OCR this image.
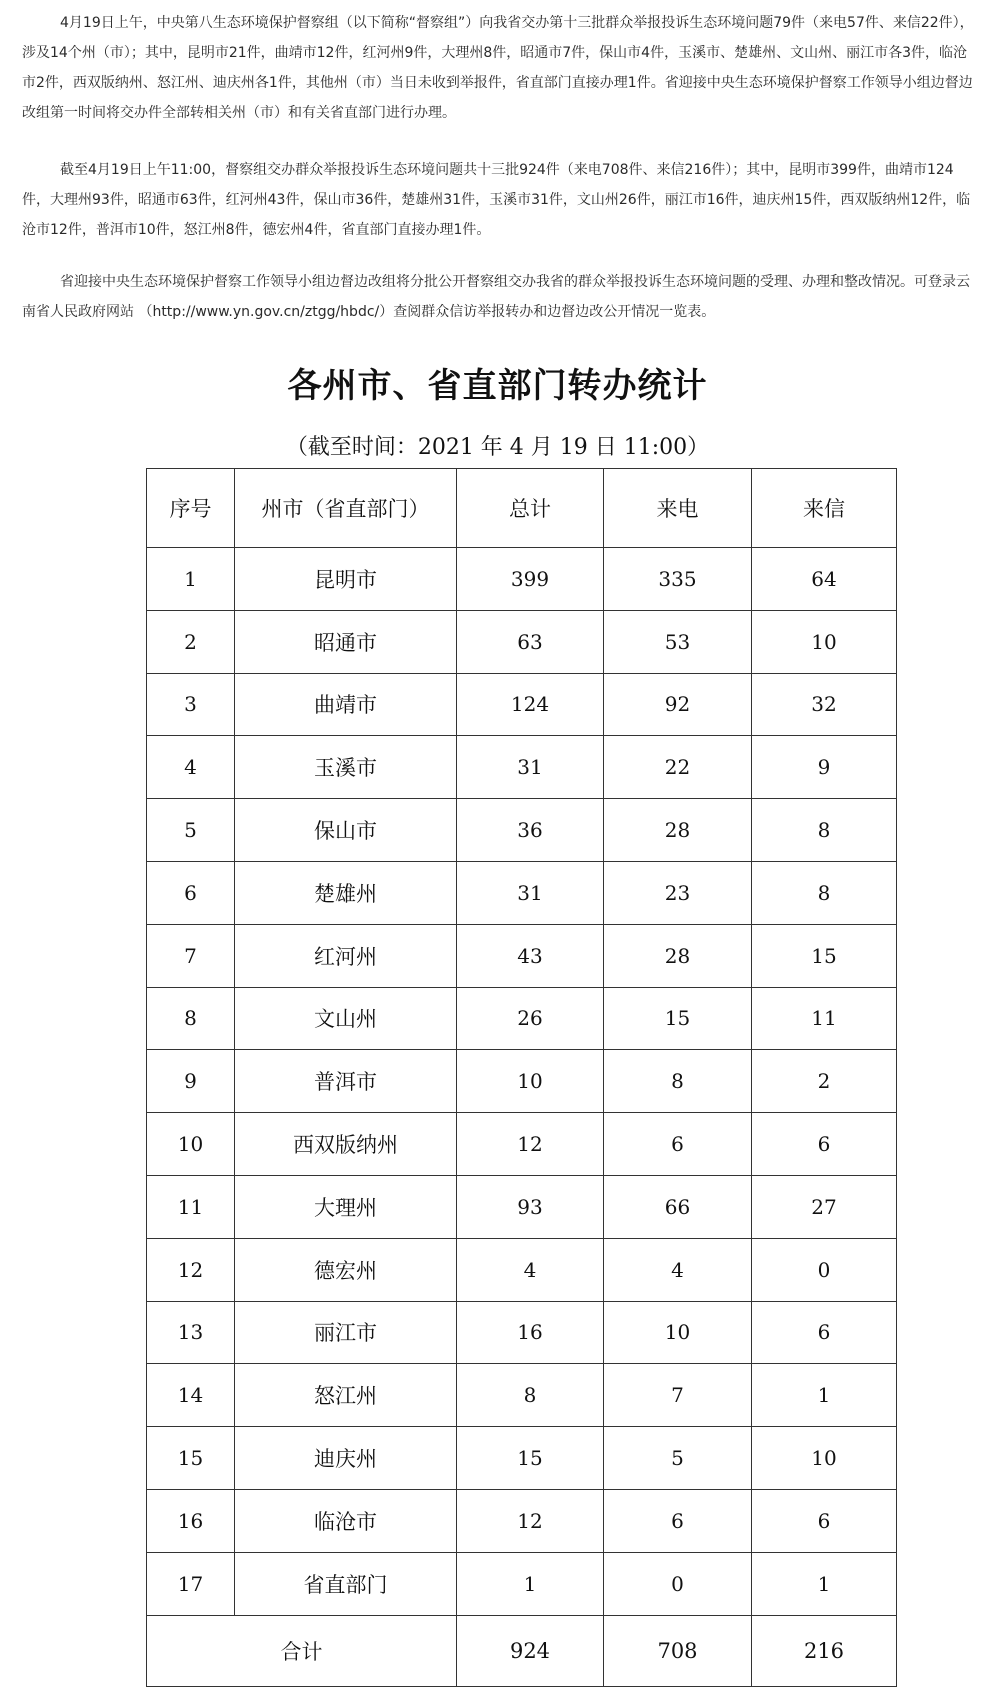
4月19日上午，中央第八生态环境保护督察组（以下简称“督察组”）向我省交办第十三批群众举报投诉生态环境问题79件（来电57件、来信22件），涉及14个州（市）；其中，昆明市21件，曲靖市12件，红河州9件，大理州8件，昭通市7件，保山市4件，玉溪市、楚雄州、文山州、丽江市各3件，临沧市2件，西双版纳州、怒江州、迪庆州各1件，其他州（市）当日未收到举报件，省直部门直接办理1件。省迎接中央生态环境保护督察工作领导小组边督边改组第一时间将交办件全部转相关州（市）和有关省直部门进行办理。

截至4月19日上午11:00，督察组交办群众举报投诉生态环境问题共十三批924件（来电708件、来信216件）；其中，昆明市399件，曲靖市124件，大理州93件，昭通市63件，红河州43件，保山市36件，楚雄州31件，玉溪市31件，文山州26件，丽江市16件，迪庆州15件，西双版纳州12件，临沧市12件，普洱市10件，怒江州8件，德宏州4件，省直部门直接办理1件。

省迎接中央生态环境保护督察工作领导小组边督边改组将分批公开督察组交办我省的群众举报投诉生态环境问题的受理、办理和整改情况。可登录云南省人民政府网站 （http://www.yn.gov.cn/ztgg/hbdc/）查阅群众信访举报转办和边督边改公开情况一览表。

各州市、省直部门转办统计
（截至时间：2021 年 4 月 19 日 11:00）
序号	州市（省直部门）	总计	来电	来信
1	昆明市	399	335	64
2	昭通市	63	53	10
3	曲靖市	124	92	32
4	玉溪市	31	22	9
5	保山市	36	28	8
6	楚雄州	31	23	8
7	红河州	43	28	15
8	文山州	26	15	11
9	普洱市	10	8	2
10	西双版纳州	12	6	6
11	大理州	93	66	27
12	德宏州	4	4	0
13	丽江市	16	10	6
14	怒江州	8	7	1
15	迪庆州	15	5	10
16	临沧市	12	6	6
17	省直部门	1	0	1
合计		924	708	216
